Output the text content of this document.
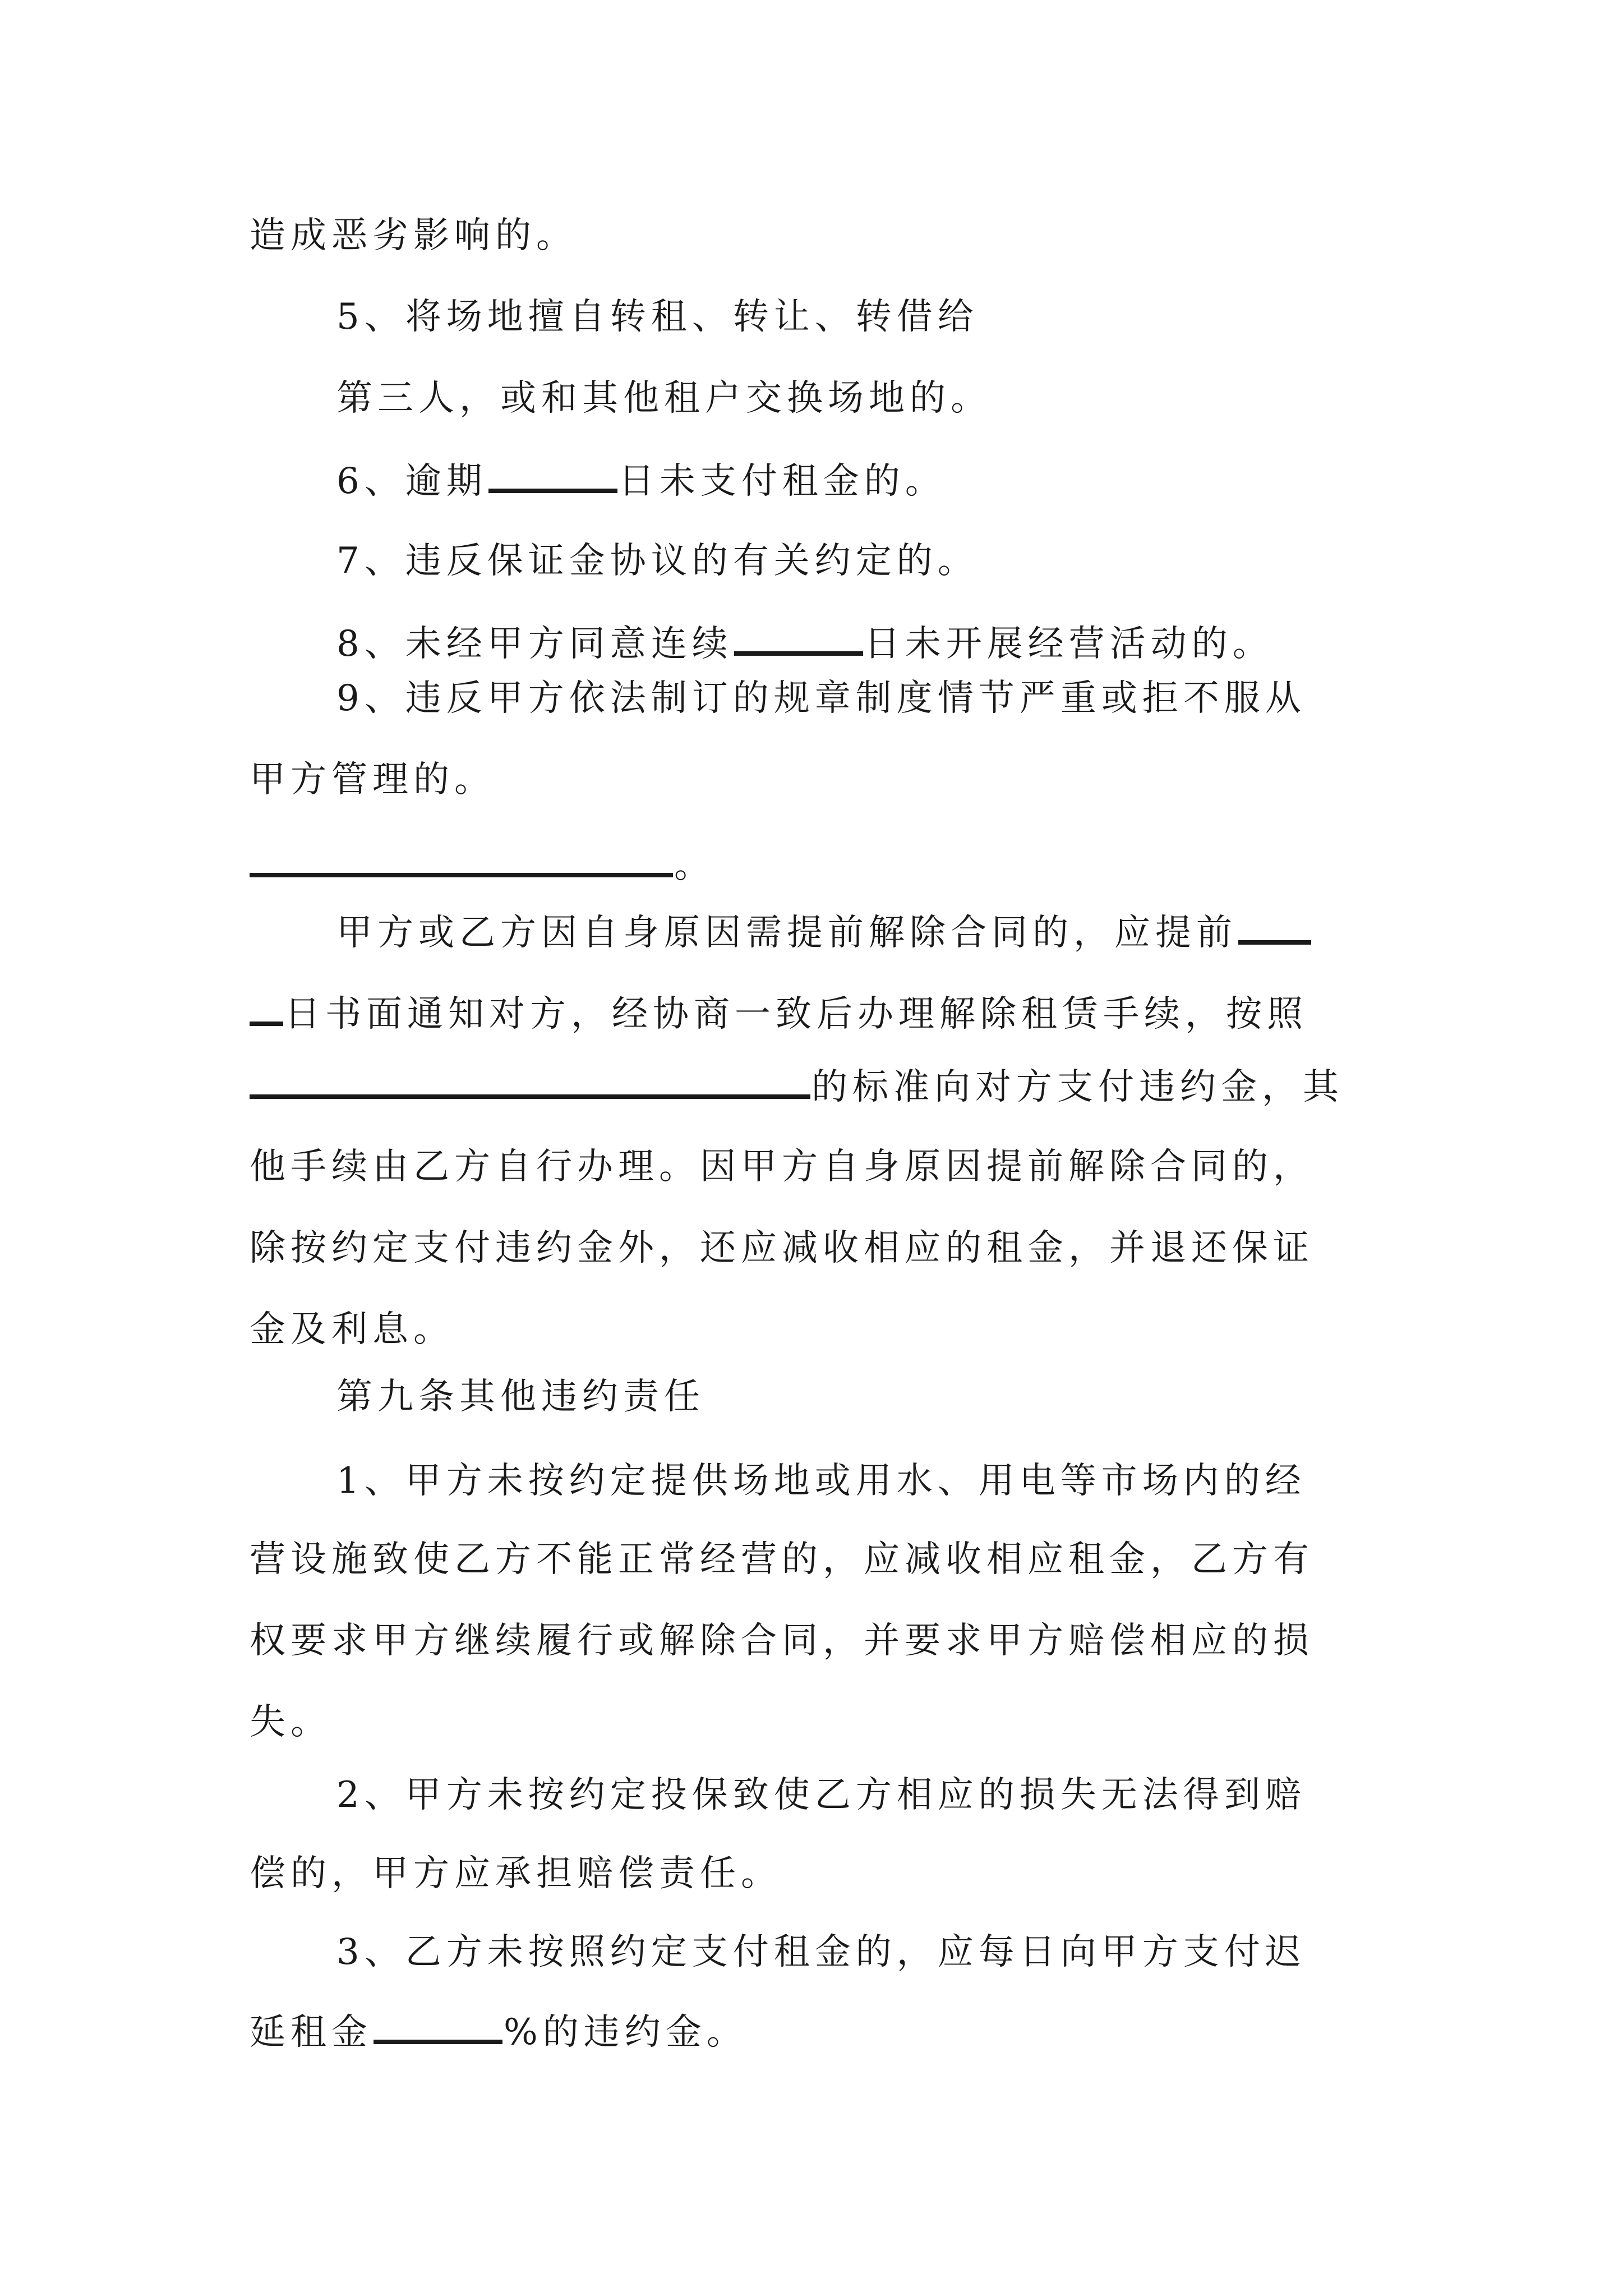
造成恶劣影响的。
5、将场地擅自转租、转让、转借给
第三人，或和其他租户交换场地的。
6、逾期	日未支付租金的。
7、违反保证金协议的有关约定的。
8、未经甲方同意连续	日未开展经营活动的。
9、违反甲方依法制订的规章制度情节严重或拒不服从
甲方管理的。
。
甲方或乙方因自身原因需提前解除合同的，应提前
日书面通知对方，经协商一致后办理解除租赁手续，按照
的标准向对方支付违约金，其
他手续由乙方自行办理。因甲方自身原因提前解除合同的，
除按约定支付违约金外，还应减收相应的租金，并退还保证
金及利息。
第九条其他违约责任
1、甲方未按约定提供场地或用水、用电等市场内的经
营设施致使乙方不能正常经营的，应减收相应租金，乙方有
权要求甲方继续履行或解除合同，并要求甲方赔偿相应的损
失。
2、甲方未按约定投保致使乙方相应的损失无法得到赔
偿的，甲方应承担赔偿责任。
3、乙方未按照约定支付租金的，应每日向甲方支付迟
延租金	%的违约金。
